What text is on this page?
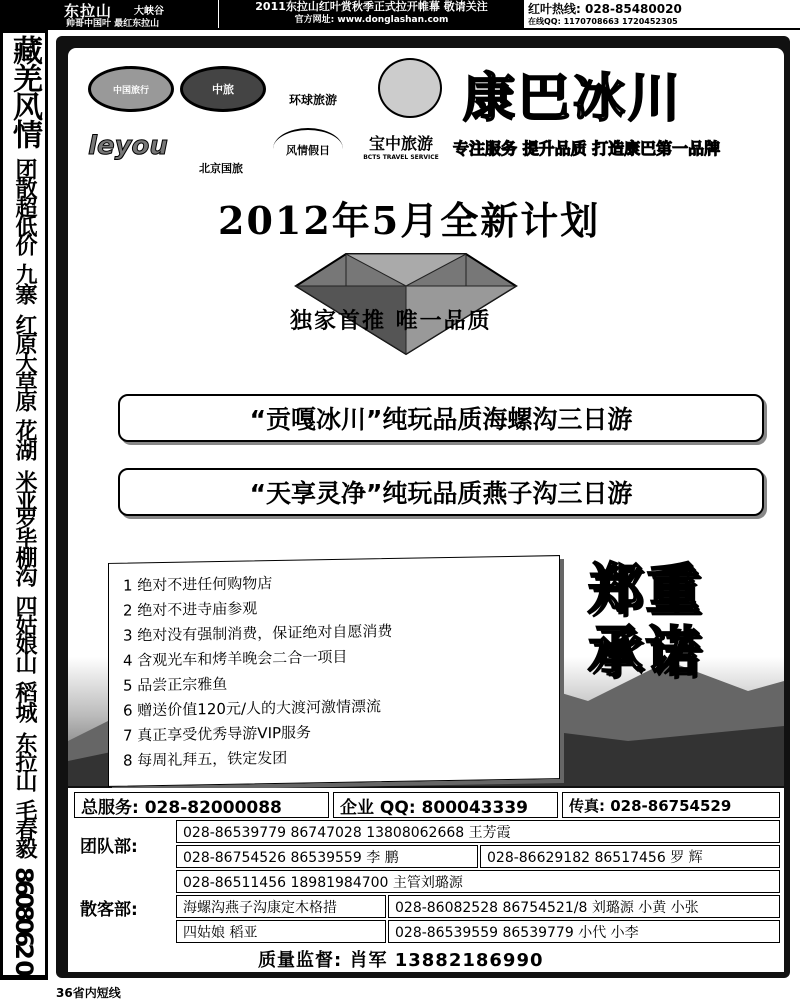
东拉山 大峡谷
帅哥中国叶 最红东拉山
2011东拉山红叶赏秋季正式拉开帷幕 敬请关注
官方网址: www.donglashan.com
红叶热线: 028-85480020
在线QQ: 1170708663 1720452305
藏羌风情
团散超低价
九寨
红原大草原
花湖
米亚罗毕棚沟
四姑娘山
稻城
东拉山
毛春毅
8608062 0
中国旅行	中旅
环球旅游
leyou
北京国旅
风情假日 宝中旅游
BCTS TRAVEL SERVICE
康巴冰川
专注服务 提升品质 打造康巴第一品牌
2012年5月全新计划
独家首推 唯一品质
“贡嘎冰川”纯玩品质海螺沟三日游
“天享灵净”纯玩品质燕子沟三日游
1 绝对不进任何购物店
2 绝对不进寺庙参观
3 绝对没有强制消费，保证绝对自愿消费
4 含观光车和烤羊晚会二合一项目
5 品尝正宗雅鱼
6 赠送价值120元/人的大渡河激情漂流
7 真正享受优秀导游VIP服务
8 每周礼拜五，铁定发团
郑重
承诺
总服务: 028-82000088	企业 QQ: 800043339	传真: 028-86754529
团队部:
028-86539779 86747028 13808062668 王芳霞
028-86754526 86539559 李 鹏	028-86629182 86517456 罗 辉
散客部:
028-86511456 18981984700 主管刘璐源
海螺沟燕子沟康定木格措	028-86082528 86754521/8 刘璐源 小黄 小张
四姑娘 稻亚	028-86539559 86539779 小代 小李
质量监督: 肖军 13882186990
36省内短线
